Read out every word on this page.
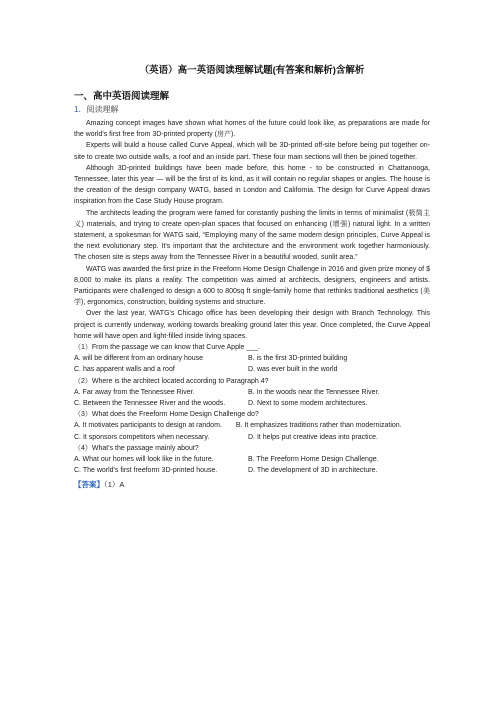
（英语）高一英语阅读理解试题(有答案和解析)含解析
一、高中英语阅读理解
1．阅读理解

Amazing concept images have shown what homes of the future could look like, as preparations are made for the world's first free from 3D-printed property (房产).

Experts will build a house called Curve Appeal, which will be 3D-printed off-site before being put together on-site to create two outside walls, a roof and an inside part. These four main sections will then be joined together.

Although 3D-printed buildings have been made before, this home - to be constructed in Chattanooga, Tennessee, later this year — will be the first of its kind, as it will contain no regular shapes or angles. The house is the creation of the design company WATG, based in London and California. The design for Curve Appeal draws inspiration from the Case Study House program.

The architects leading the program were famed for constantly pushing the limits in terms of minimalist (极简主义) materials, and trying to create open-plan spaces that focused on enhancing (增强) natural light. In a written statement, a spokesman for WATG said, “Employing many of the same modem design principles, Curve Appeal is the next evolutionary step. It's important that the architecture and the environment work together harmoniously. The chosen site is steps away from the Tennessee River in a beautiful wooded, sunlit area.”

WATG was awarded the first prize in the Freeform Home Design Challenge in 2016 and given prize money of $ 8,000 to make its plans a reality. The competition was aimed at architects, designers, engineers and artists. Participants were challenged to design a 600 to 800sq ft single-family home that rethinks traditional aesthetics (美学), ergonomics, construction, building systems and structure.

Over the last year, WATG's Chicago office has been developing their design with Branch Technology. This project is currently underway, working towards breaking ground later this year. Once completed, the Curve Appeal home will have open and light-filled inside living spaces.

（1）From the passage we can know that Curve Apple ___.
A. will be different from an ordinary house	B. is the first 3D-printed building
C. has apparent walls and a roof	D. was ever built in the world
（2）Where is the architect located according to Paragraph 4?
A. Far away from the Tennessee River.	B. In the woods near the Tennessee River.
C. Between the Tennessee River and the woods.	D. Next to some modem architectures.
（3）What does the Freeform Home Design Challenge do?
A. It motivates participants to design at random.　　B. It emphasizes traditions rather than modernization.
C. It sponsors competitors when necessary.	D. It helps put creative ideas into practice.
（4）What's the passage mainly about?
A. What our homes will look like in the future.	B. The Freeform Home Design Challenge.
C. The world's first freeform 3D-printed house.	D. The development of 3D in architecture.
【答案】（1）A
